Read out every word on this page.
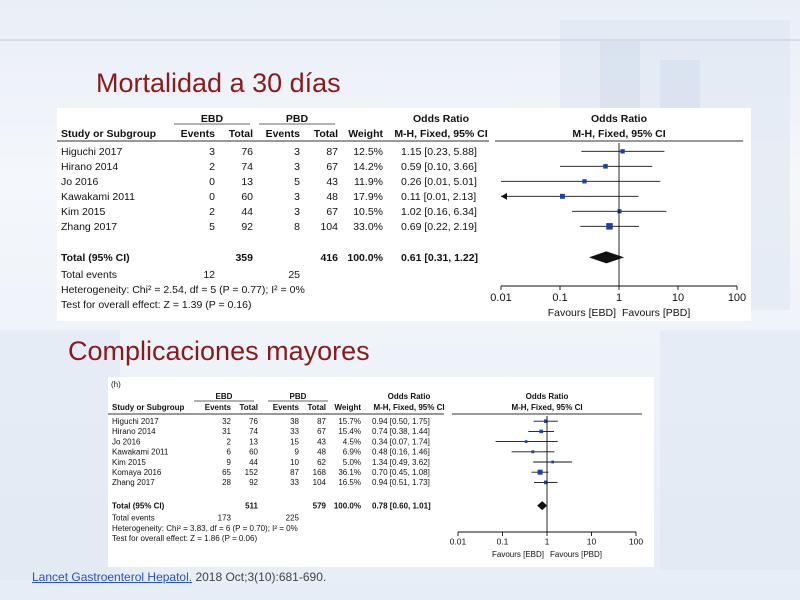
Mortalidad a 30 días
Complicaciones mayores
EBD	PBD	Odds Ratio	Odds Ratio
Study or Subgroup Events Total Events Total Weight M-H, Fixed, 95% CI	M-H, Fixed, 95% CI
Higuchi 2017	3	76	3	87 12.5% 1.15 [0.23, 5.88]
Hirano 2014	2	74	3	67 14.2% 0.59 [0.10, 3.66]
Jo 2016	0	13	5	43 11.9% 0.26 [0.01, 5.01]
Kawakami 2011	0	60	3	48 17.9% 0.11 [0.01, 2.13]
Kim 2015	2	44	3	67 10.5% 1.02 [0.16, 6.34]
Zhang 2017	5	92	8 104 33.0% 0.69 [0.22, 2.19]
Total (95% CI)	359	416 100.0% 0.61 [0.31, 1.22]
Total events	12	25
Heterogeneity: Chi² = 2.54, df = 5 (P = 0.77); I² = 0%
Test for overall effect: Z = 1.39 (P = 0.16)
0.01	0.1	1	10	100
Favours [EBD] Favours [PBD]
(h)
EBD	PBD	Odds Ratio	Odds Ratio
Study or Subgroup	Events Total Events Total Weight M-H, Fixed, 95% CI	M-H, Fixed, 95% CI
Higuchi 2017	32 76	38 87 15.7% 0.94 [0.50, 1.75]
Hirano 2014	31 74	33 67 15.4% 0.74 [0.38, 1.44]
Jo 2016	2 13	15 43 4.5% 0.34 [0.07, 1.74]
Kawakami 2011	6 60	9 48 6.9% 0.48 [0.16, 1.46]
Kim 2015	9 44	10 62 5.0% 1.34 [0.49, 3.62]
Komaya 2016	65 152	87 168 36.1% 0.70 [0.45, 1.08]
Zhang 2017	28 92	33 104 16.5% 0.94 [0.51, 1.73]
Total (95% CI)	511	579 100.0% 0.78 [0.60, 1.01]
Total events	173	225
Heterogeneity: Chi² = 3.83, df = 6 (P = 0.70); I² = 0%
Test for overall effect: Z = 1.86 (P = 0.06)	0.01	0.1	1	10	100
Favours [EBD] Favours [PBD]
Lancet Gastroenterol Hepatol. 2018 Oct;3(10):681-690.
